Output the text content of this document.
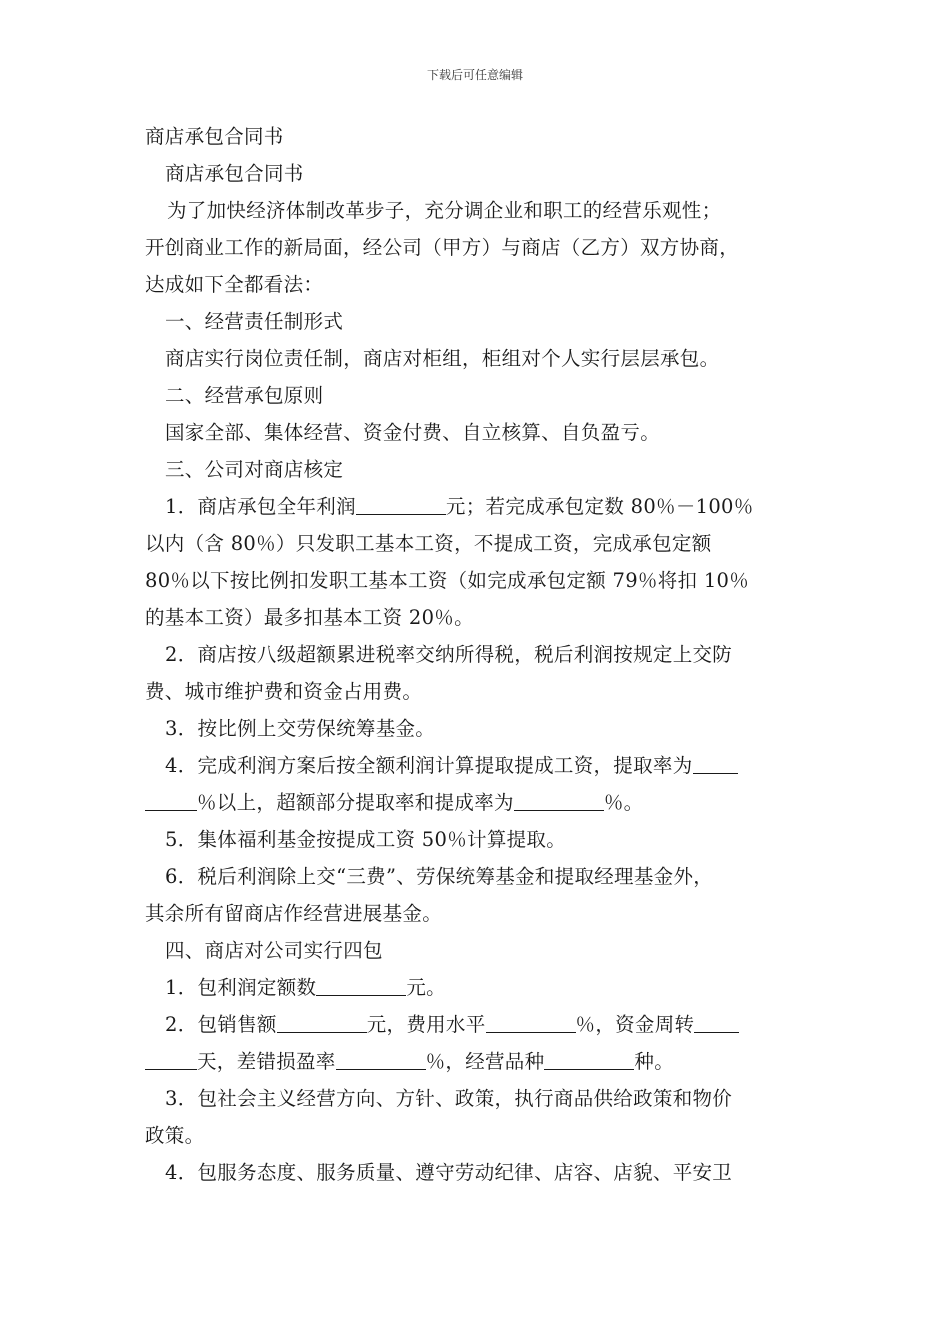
下载后可任意编辑

商店承包合同书

商店承包合同书

为了加快经济体制改革步子，充分调企业和职工的经营乐观性；

开创商业工作的新局面，经公司（甲方）与商店（乙方）双方协商，

达成如下全都看法：

一、经营责任制形式

商店实行岗位责任制，商店对柜组，柜组对个人实行层层承包。

二、经营承包原则

国家全部、集体经营、资金付费、自立核算、自负盈亏。

三、公司对商店核定

1．商店承包全年利润	元；若完成承包定数 80％－100％

以内（含 80％）只发职工基本工资，不提成工资，完成承包定额

80％以下按比例扣发职工基本工资（如完成承包定额 79％将扣 10％

的基本工资）最多扣基本工资 20％。

2．商店按八级超额累进税率交纳所得税，税后利润按规定上交防

费、城市维护费和资金占用费。

3．按比例上交劳保统筹基金。

4．完成利润方案后按全额利润计算提取提成工资，提取率为

％以上，超额部分提取率和提成率为	％。

5．集体福利基金按提成工资 50％计算提取。

6．税后利润除上交“三费”、劳保统筹基金和提取经理基金外，

其余所有留商店作经营进展基金。

四、商店对公司实行四包

1．包利润定额数	元。

2．包销售额	元，费用水平	％，资金周转

天，差错损盈率	％，经营品种	种。

3．包社会主义经营方向、方针、政策，执行商品供给政策和物价

政策。

4．包服务态度、服务质量、遵守劳动纪律、店容、店貌、平安卫
